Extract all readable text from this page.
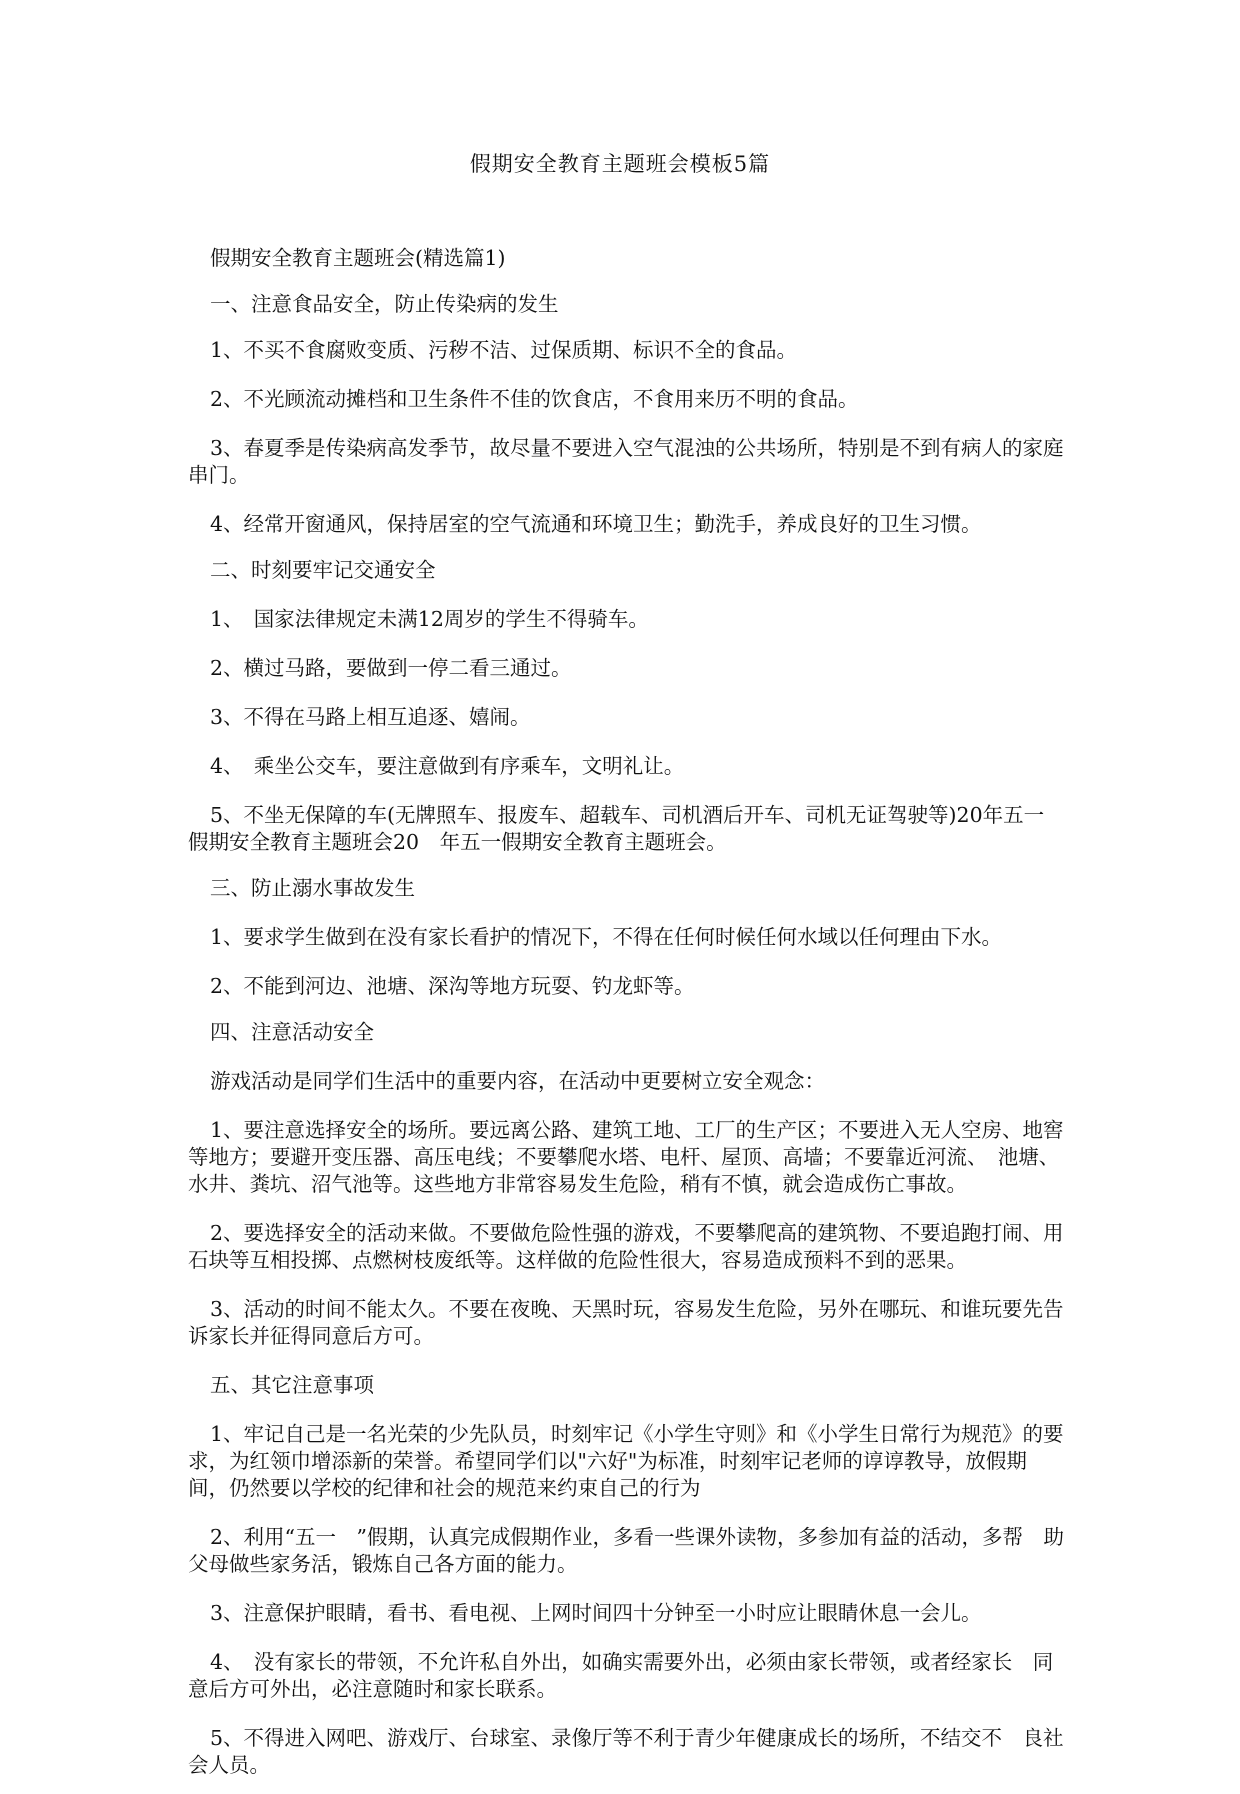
假期安全教育主题班会模板5篇

假期安全教育主题班会(精选篇1)

一、注意食品安全，防止传染病的发生

1、不买不食腐败变质、污秽不洁、过保质期、标识不全的食品。

2、不光顾流动摊档和卫生条件不佳的饮食店，不食用来历不明的食品。

3、春夏季是传染病高发季节，故尽量不要进入空气混浊的公共场所，特别是不到有病人的家庭串门。

4、经常开窗通风，保持居室的空气流通和环境卫生；勤洗手，养成良好的卫生习惯。

二、时刻要牢记交通安全

1、　国家法律规定未满12周岁的学生不得骑车。

2、横过马路，要做到一停二看三通过。

3、不得在马路上相互追逐、嬉闹。

4、　乘坐公交车，要注意做到有序乘车，文明礼让。

5、不坐无保障的车(无牌照车、报废车、超载车、司机酒后开车、司机无证驾驶等)20年五一假期安全教育主题班会20　年五一假期安全教育主题班会。

三、防止溺水事故发生

1、要求学生做到在没有家长看护的情况下，不得在任何时候任何水域以任何理由下水。

2、不能到河边、池塘、深沟等地方玩耍、钓龙虾等。

四、注意活动安全

游戏活动是同学们生活中的重要内容，在活动中更要树立安全观念：

1、要注意选择安全的场所。要远离公路、建筑工地、工厂的生产区；不要进入无人空房、地窖等地方；要避开变压器、高压电线；不要攀爬水塔、电杆、屋顶、高墙；不要靠近河流、　池塘、水井、粪坑、沼气池等。这些地方非常容易发生危险，稍有不慎，就会造成伤亡事故。

2、要选择安全的活动来做。不要做危险性强的游戏，不要攀爬高的建筑物、不要追跑打闹、用石块等互相投掷、点燃树枝废纸等。这样做的危险性很大，容易造成预料不到的恶果。

3、活动的时间不能太久。不要在夜晚、天黑时玩，容易发生危险，另外在哪玩、和谁玩要先告诉家长并征得同意后方可。

五、其它注意事项

1、牢记自己是一名光荣的少先队员，时刻牢记《小学生守则》和《小学生日常行为规范》的要求，为红领巾增添新的荣誉。希望同学们以"六好"为标准，时刻牢记老师的谆谆教导，放假期间，仍然要以学校的纪律和社会的规范来约束自己的行为

2、利用“五一　”假期，认真完成假期作业，多看一些课外读物，多参加有益的活动，多帮　助父母做些家务活，锻炼自己各方面的能力。

3、注意保护眼睛，看书、看电视、上网时间四十分钟至一小时应让眼睛休息一会儿。

4、　没有家长的带领，不允许私自外出，如确实需要外出，必须由家长带领，或者经家长　同意后方可外出，必注意随时和家长联系。

5、不得进入网吧、游戏厅、台球室、录像厅等不利于青少年健康成长的场所，不结交不　良社会人员。
